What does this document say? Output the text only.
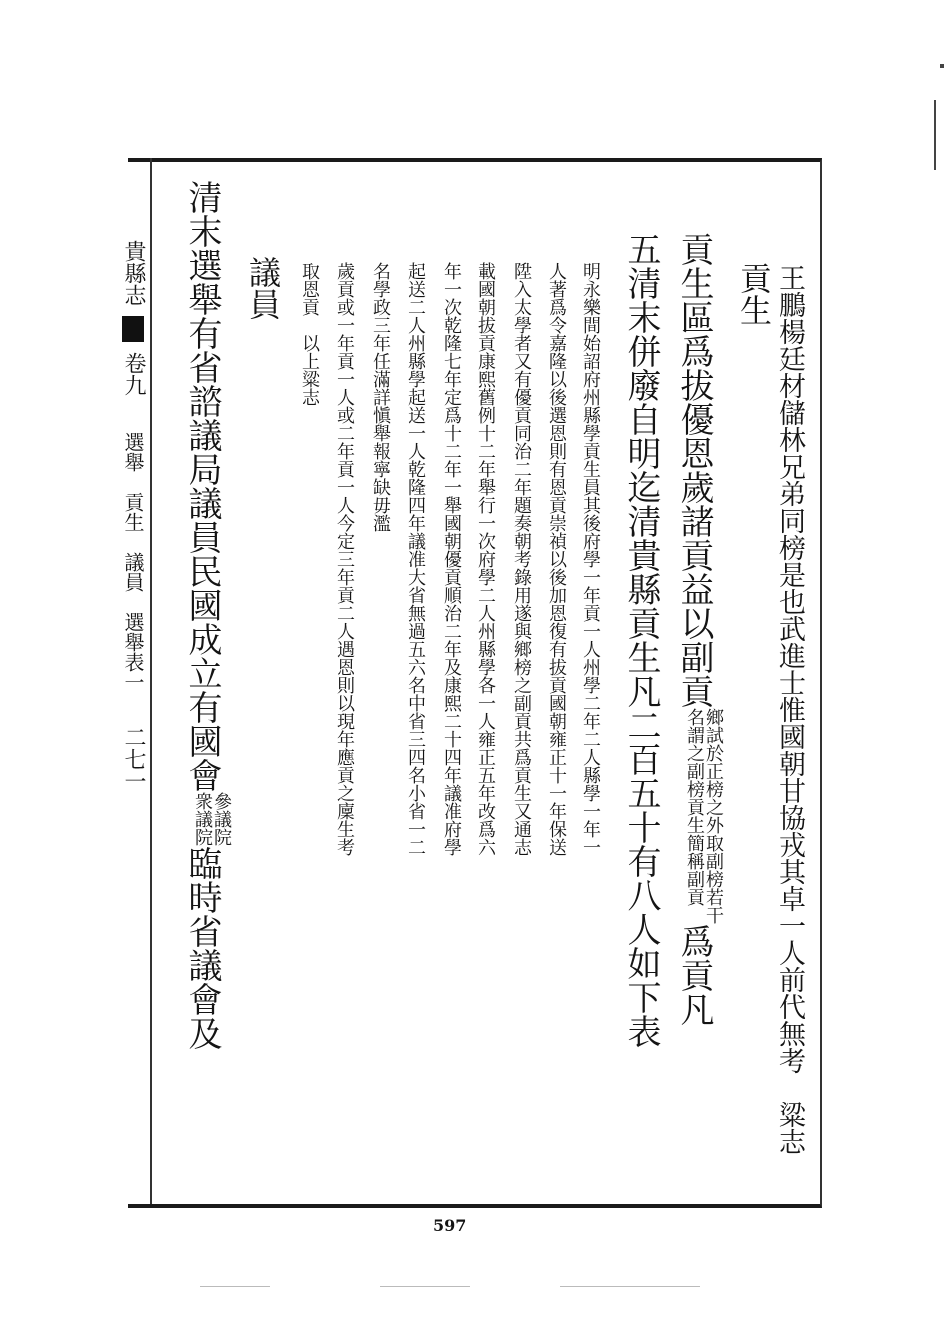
貴縣志卷九選舉　貢生　議員　選舉表一二七一	王鵬楊廷材儲林兄弟同榜是也武進士惟國朝甘協戎其卓一人前代無考　粱志
貢生
貢生區爲拔優恩歲諸貢益以副貢鄉試於正榜之外取副榜若干
名謂之副榜貢生簡稱副貢爲貢凡
五清末併廢自明迄清貴縣貢生凡二百五十有八人如下表
明永樂間始詔府州縣學貢生員其後府學一年貢一人州學二年二人縣學一年一
人著爲令嘉隆以後選恩則有恩貢崇禎以後加恩復有拔貢國朝雍正十一年保送
陞入太學者又有優貢同治二年題奏朝考錄用遂與鄉榜之副貢共爲貢生又通志
載國朝拔貢康熙舊例十二年舉行一次府學二人州縣學各一人雍正五年改爲六
年一次乾隆七年定爲十二年一舉國朝優貢順治二年及康熙二十四年議准府學
起送二人州縣學起送一人乾隆四年議准大省無過五六名中省三四名小省一二
名學政三年任滿詳愼舉報寧缺毋濫
歲貢或一年貢一人或二年貢一人今定三年貢二人遇恩則以現年應貢之廩生考
取恩貢　以上粱志
議員
清末選舉有省諮議局議員民國成立有國會參議院
衆議院臨時省議會及
597
